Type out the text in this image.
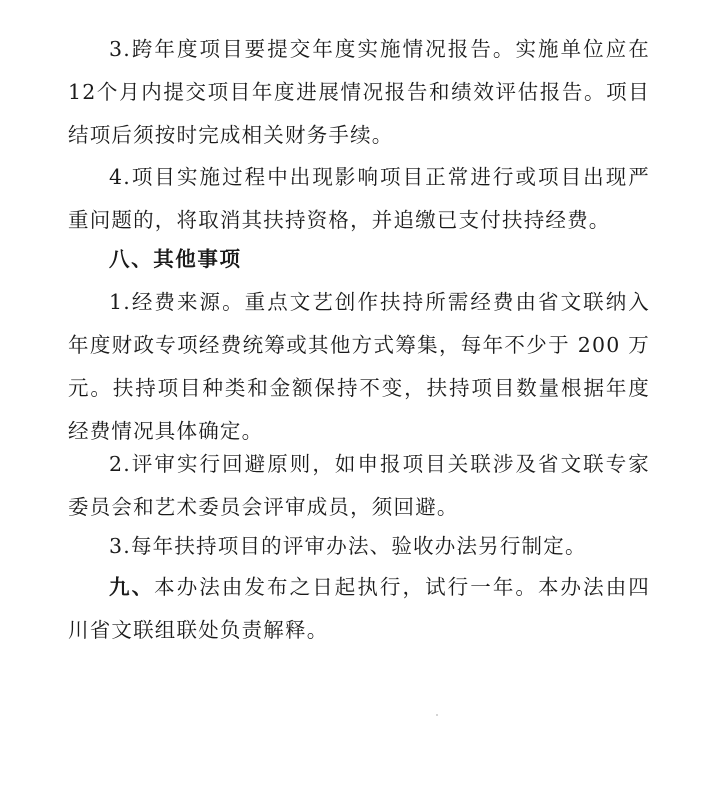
3.跨年度项目要提交年度实施情况报告。实施单位应在 12个月内提交项目年度进展情况报告和绩效评估报告。项目结项后须按时完成相关财务手续。

4.项目实施过程中出现影响项目正常进行或项目出现严重问题的，将取消其扶持资格，并追缴已支付扶持经费。

八、其他事项

1.经费来源。重点文艺创作扶持所需经费由省文联纳入年度财政专项经费统筹或其他方式筹集，每年不少于 200 万元。扶持项目种类和金额保持不变，扶持项目数量根据年度经费情况具体确定。

2.评审实行回避原则，如申报项目关联涉及省文联专家委员会和艺术委员会评审成员，须回避。

3.每年扶持项目的评审办法、验收办法另行制定。

九、本办法由发布之日起执行，试行一年。本办法由四川省文联组联处负责解释。
